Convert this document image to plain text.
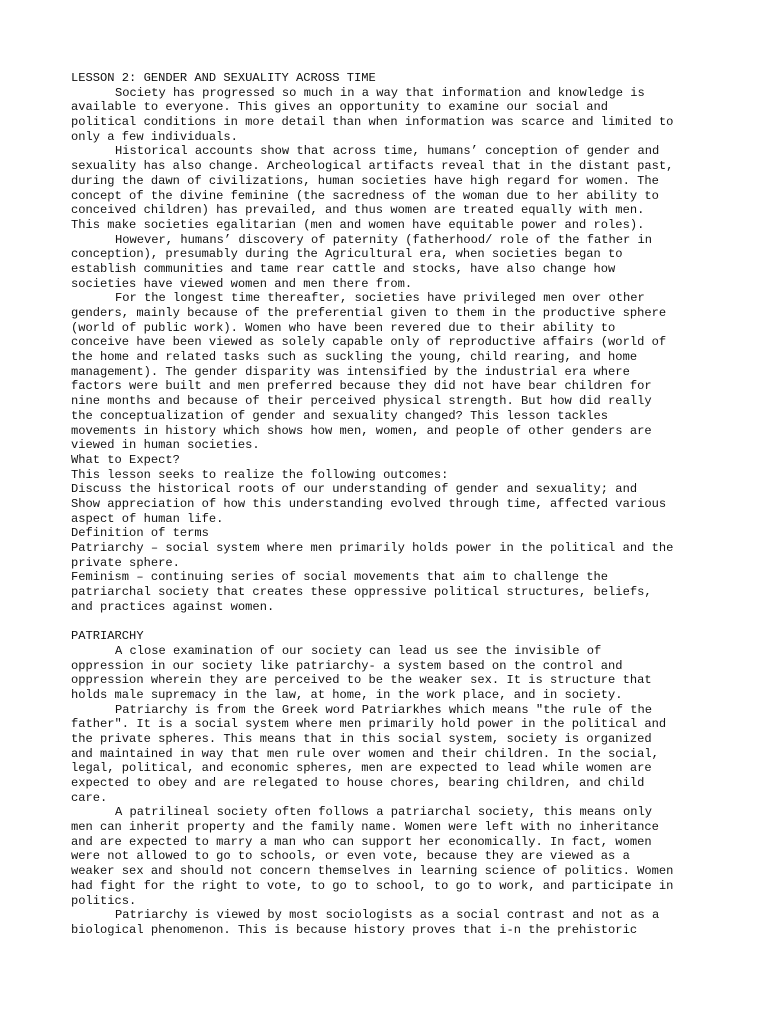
LESSON 2: GENDER AND SEXUALITY ACROSS TIME
Society has progressed so much in a way that information and knowledge is
available to everyone. This gives an opportunity to examine our social and
political conditions in more detail than when information was scarce and limited to
only a few individuals.
Historical accounts show that across time, humans’ conception of gender and
sexuality has also change. Archeological artifacts reveal that in the distant past,
during the dawn of civilizations, human societies have high regard for women. The
concept of the divine feminine (the sacredness of the woman due to her ability to
conceived children) has prevailed, and thus women are treated equally with men.
This make societies egalitarian (men and women have equitable power and roles).
However, humans’ discovery of paternity (fatherhood/ role of the father in
conception), presumably during the Agricultural era, when societies began to
establish communities and tame rear cattle and stocks, have also change how
societies have viewed women and men there from.
For the longest time thereafter, societies have privileged men over other
genders, mainly because of the preferential given to them in the productive sphere
(world of public work). Women who have been revered due to their ability to
conceive have been viewed as solely capable only of reproductive affairs (world of
the home and related tasks such as suckling the young, child rearing, and home
management). The gender disparity was intensified by the industrial era where
factors were built and men preferred because they did not have bear children for
nine months and because of their perceived physical strength. But how did really
the conceptualization of gender and sexuality changed? This lesson tackles
movements in history which shows how men, women, and people of other genders are
viewed in human societies.
What to Expect?
This lesson seeks to realize the following outcomes:
Discuss the historical roots of our understanding of gender and sexuality; and
Show appreciation of how this understanding evolved through time, affected various
aspect of human life.
Definition of terms
Patriarchy – social system where men primarily holds power in the political and the
private sphere.
Feminism – continuing series of social movements that aim to challenge the
patriarchal society that creates these oppressive political structures, beliefs,
and practices against women.
PATRIARCHY
A close examination of our society can lead us see the invisible of
oppression in our society like patriarchy- a system based on the control and
oppression wherein they are perceived to be the weaker sex. It is structure that
holds male supremacy in the law, at home, in the work place, and in society.
Patriarchy is from the Greek word Patriarkhes which means "the rule of the
father". It is a social system where men primarily hold power in the political and
the private spheres. This means that in this social system, society is organized
and maintained in way that men rule over women and their children. In the social,
legal, political, and economic spheres, men are expected to lead while women are
expected to obey and are relegated to house chores, bearing children, and child
care.
A patrilineal society often follows a patriarchal society, this means only
men can inherit property and the family name. Women were left with no inheritance
and are expected to marry a man who can support her economically. In fact, women
were not allowed to go to schools, or even vote, because they are viewed as a
weaker sex and should not concern themselves in learning science of politics. Women
had fight for the right to vote, to go to school, to go to work, and participate in
politics.
Patriarchy is viewed by most sociologists as a social contrast and not as a
biological phenomenon. This is because history proves that i-n the prehistoric
